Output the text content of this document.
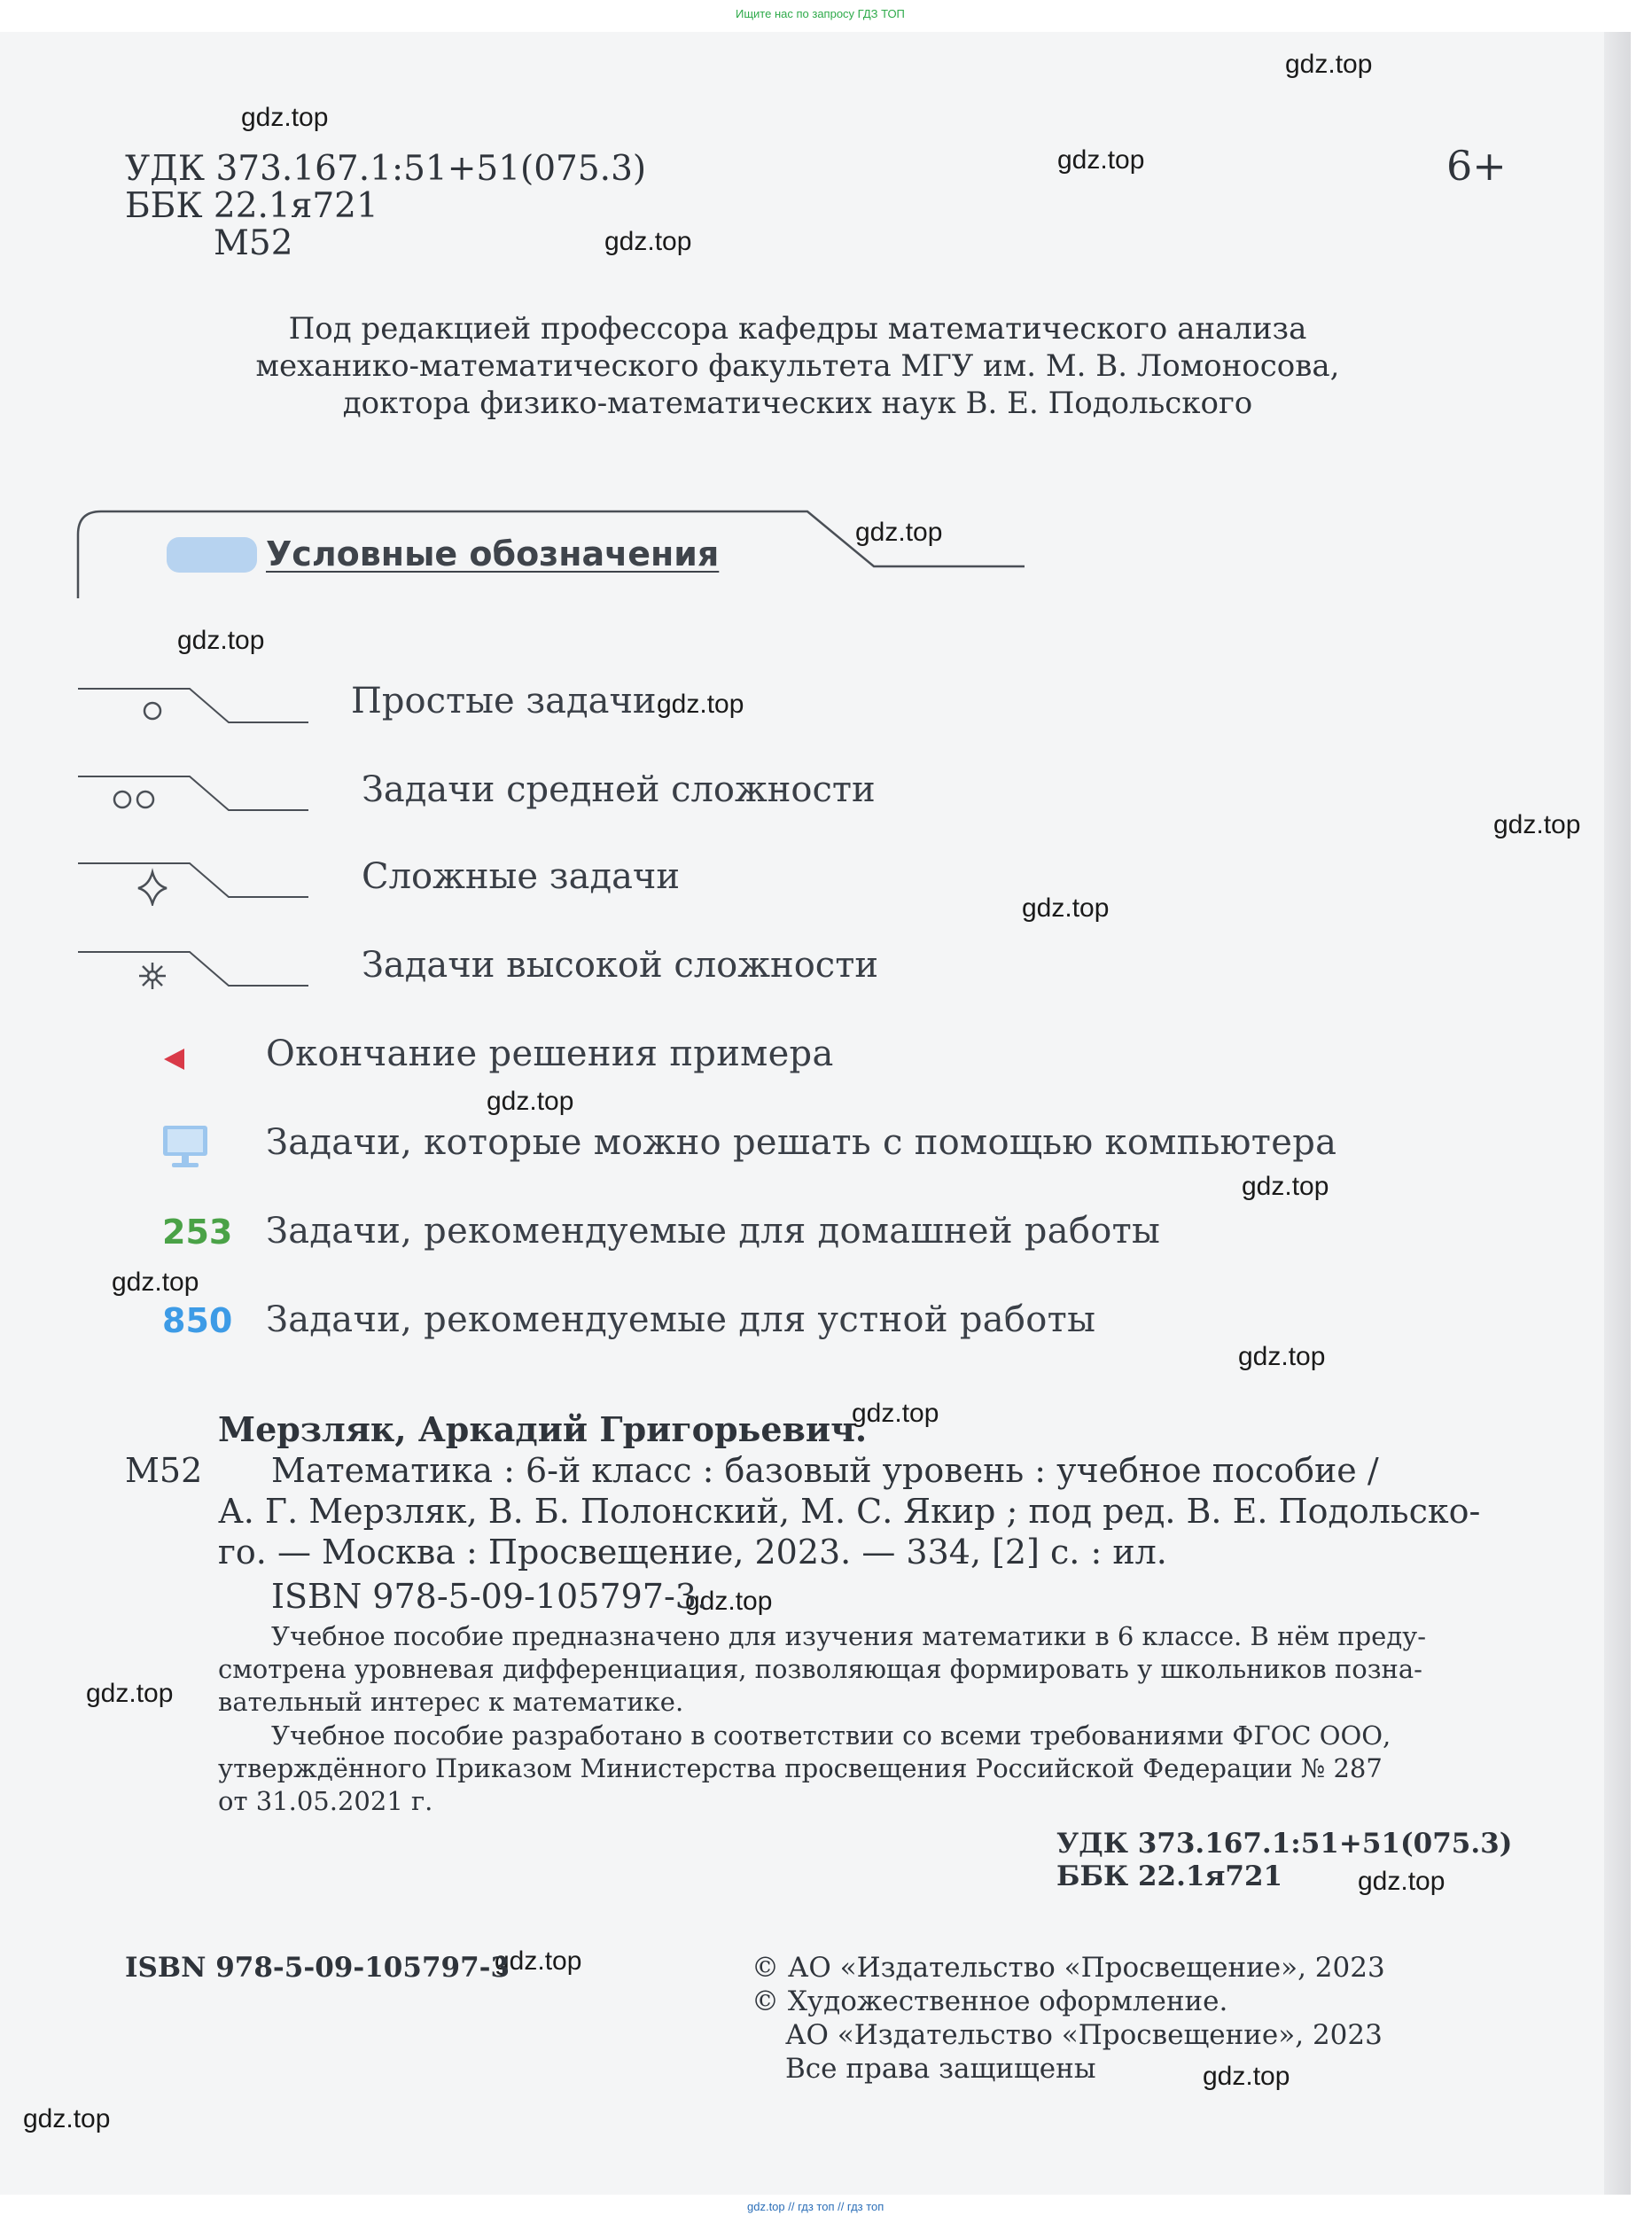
Ищите нас по запросу ГДЗ ТОП
gdz.top
gdz.top
gdz.top
gdz.top
gdz.top
gdz.top
gdz.top
gdz.top
gdz.top
gdz.top
gdz.top
gdz.top
gdz.top
gdz.top
gdz.top
gdz.top
gdz.top
gdz.top
gdz.top
gdz.top
УДК 373.167.1:51+51(075.3)
ББК 22.1я721
М52
6+
Под редакцией профессора кафедры математического анализа
механико-математического факультета МГУ им. М. В. Ломоносова,
доктора физико-математических наук В. Е. Подольского
Условные обозначения
Простые задачи
Задачи средней сложности
Сложные задачи
Задачи высокой сложности
Окончание решения примера
Задачи, которые можно решать с помощью компьютера
253 Задачи, рекомендуемые для домашней работы
850 Задачи, рекомендуемые для устной работы
Мерзляк, Аркадий Григорьевич.
М52 Математика : 6-й класс : базовый уровень : учебное пособие /
А. Г. Мерзляк, В. Б. Полонский, М. С. Якир ; под ред. В. Е. Подольско-
го. — Москва : Просвещение, 2023. — 334, [2] с. : ил.
ISBN 978-5-09-105797-3.
Учебное пособие предназначено для изучения математики в 6 классе. В нём преду-
смотрена уровневая дифференциация, позволяющая формировать у школьников позна-
вательный интерес к математике.
Учебное пособие разработано в соответствии со всеми требованиями ФГОС ООО,
утверждённого Приказом Министерства просвещения Российской Федерации № 287
от 31.05.2021 г.
УДК 373.167.1:51+51(075.3)
ББК 22.1я721
ISBN 978-5-09-105797-3	© АО «Издательство «Просвещение», 2023
© Художественное оформление.
АО «Издательство «Просвещение», 2023
Все права защищены
gdz.top // гдз топ // гдз топ
